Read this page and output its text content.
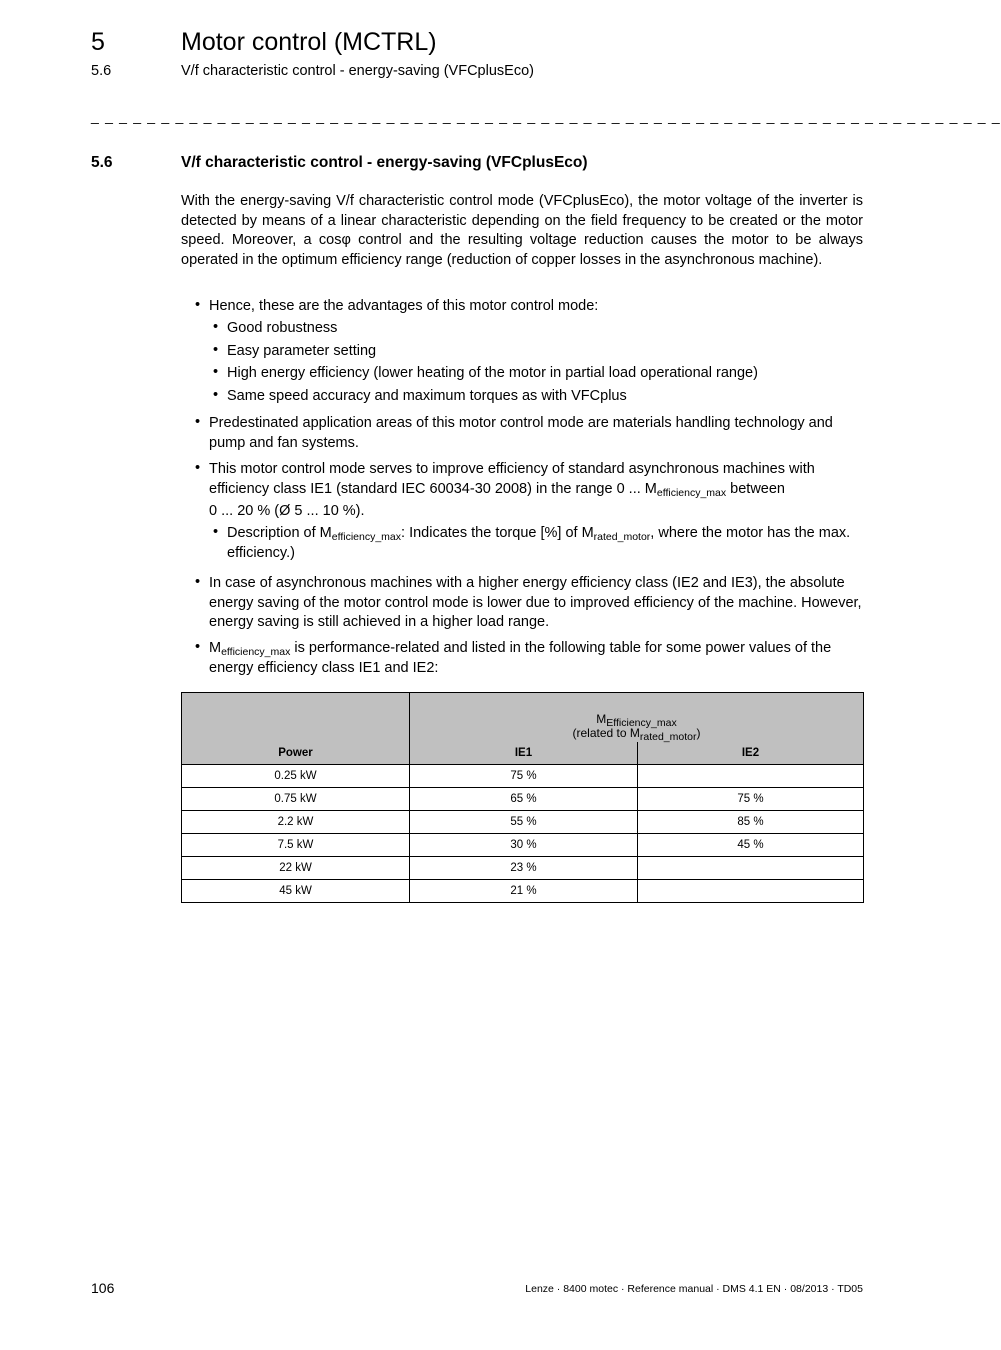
5	Motor control (MCTRL)
5.6	V/f characteristic control - energy-saving (VFCplusEco)
_ _ _ _ _ _ _ _ _ _ _ _ _ _ _ _ _ _ _ _ _ _ _ _ _ _ _ _ _ _ _ _ _ _ _ _ _ _ _ _ _ _ _ _ _ _ _ _ _ _ _ _ _ _ _ _ _ _ _ _ _ _ _ _ _
5.6	V/f characteristic control - energy-saving (VFCplusEco)
With the energy-saving V/f characteristic control mode (VFCplusEco), the motor voltage of the inverter is detected by means of a linear characteristic depending on the field frequency to be created or the motor speed. Moreover, a cosφ control and the resulting voltage reduction causes the motor to be always operated in the optimum efficiency range (reduction of copper losses in the asynchronous machine).
• Hence, these are the advantages of this motor control mode:
• Good robustness
• Easy parameter setting
• High energy efficiency (lower heating of the motor in partial load operational range)
• Same speed accuracy and maximum torques as with VFCplus
• Predestinated application areas of this motor control mode are materials handling technology and pump and fan systems.
• This motor control mode serves to improve efficiency of standard asynchronous machines with efficiency class IE1 (standard IEC 60034-30 2008) in the range 0 ... $M_{efficiency\_max}$ between
0 ... 20 % (Ø 5 ... 10 %).
• Description of $M_{efficiency\_max}$: Indicates the torque [%] of $M_{rated\_motor}$, where the motor has the max. efficiency.)
• In case of asynchronous machines with a higher energy efficiency class (IE2 and IE3), the absolute energy saving of the motor control mode is lower due to improved efficiency of the machine. However, energy saving is still achieved in a higher load range.
• $M_{efficiency\_max}$ is performance-related and listed in the following table for some power values of the energy efficiency class IE1 and IE2:
Power	$M_{Efficiency\_max}$
(related to $M_{rated\_motor}$)	

	IE1	IE2
0.25 kW	75 %	
0.75 kW	65 %	75 %
2.2 kW	55 %	85 %
7.5 kW	30 %	45 %
22 kW	23 %	
45 kW	21 %	
106	Lenze · 8400 motec · Reference manual · DMS 4.1 EN · 08/2013 · TD05
